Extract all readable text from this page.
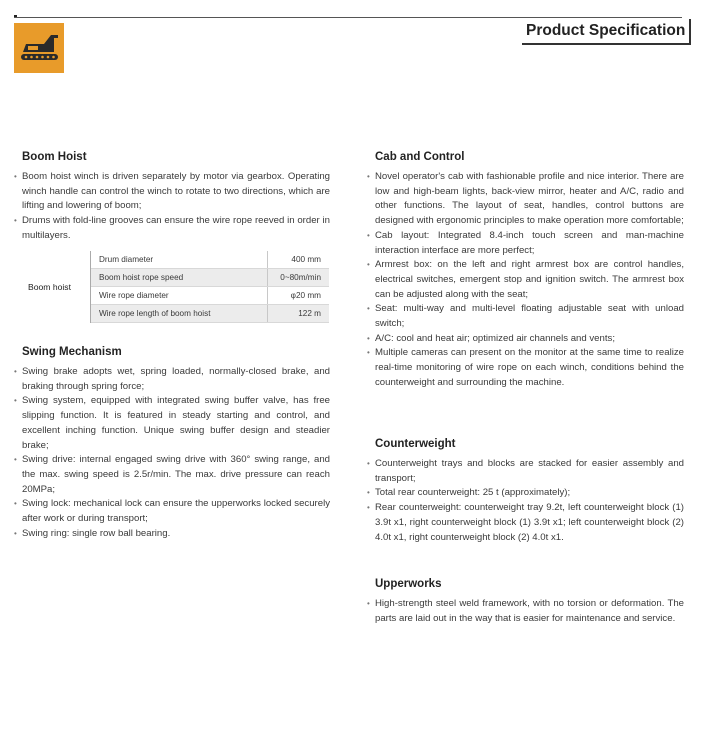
Product Specification
Boom Hoist
• Boom hoist winch is driven separately by motor via gearbox. Operating winch handle can control the winch to rotate to two directions, which are lifting and lowering of boom;
• Drums with fold-line grooves can ensure the wire rope reeved in order in multilayers.
Boom hoist	Drum diameter	400 mm
	Boom hoist rope speed	0~80m/min
	Wire rope diameter	φ20 mm
	Wire rope length of boom hoist	122 m
Swing Mechanism
• Swing brake adopts wet, spring loaded, normally-closed brake, and braking through spring force;
• Swing system, equipped with integrated swing buffer valve, has free slipping function. It is featured in steady starting and control, and excellent inching function. Unique swing buffer design and steadier brake;
• Swing drive: internal engaged swing drive with 360° swing range, and the max. swing speed is 2.5r/min. The max. drive pressure can reach 20MPa;
• Swing lock: mechanical lock can ensure the upperworks locked securely after work or during transport;
• Swing ring: single row ball bearing.
Cab and Control
• Novel operator's cab with fashionable profile and nice interior. There are low and high-beam lights, back-view mirror, heater and A/C, radio and other functions. The layout of seat, handles, control buttons are designed with ergonomic principles to make operation more comfortable;
• Cab layout: Integrated 8.4-inch touch screen and man-machine interaction interface are more perfect;
• Armrest box: on the left and right armrest box are control handles, electrical switches, emergent stop and ignition switch. The armrest box can be adjusted along with the seat;
• Seat: multi-way and multi-level floating adjustable seat with unload switch;
• A/C: cool and heat air; optimized air channels and vents;
• Multiple cameras can present on the monitor at the same time to realize real-time monitoring of wire rope on each winch, conditions behind the counterweight and surrounding the machine.
Counterweight
• Counterweight trays and blocks are stacked for easier assembly and transport;
• Total rear counterweight: 25 t (approximately);
• Rear counterweight: counterweight tray 9.2t, left counterweight block (1) 3.9t x1, right counterweight block (1) 3.9t x1; left counterweight block (2) 4.0t x1, right counterweight block (2) 4.0t x1.
Upperworks
• High-strength steel weld framework, with no torsion or deformation. The parts are laid out in the way that is easier for maintenance and service.
